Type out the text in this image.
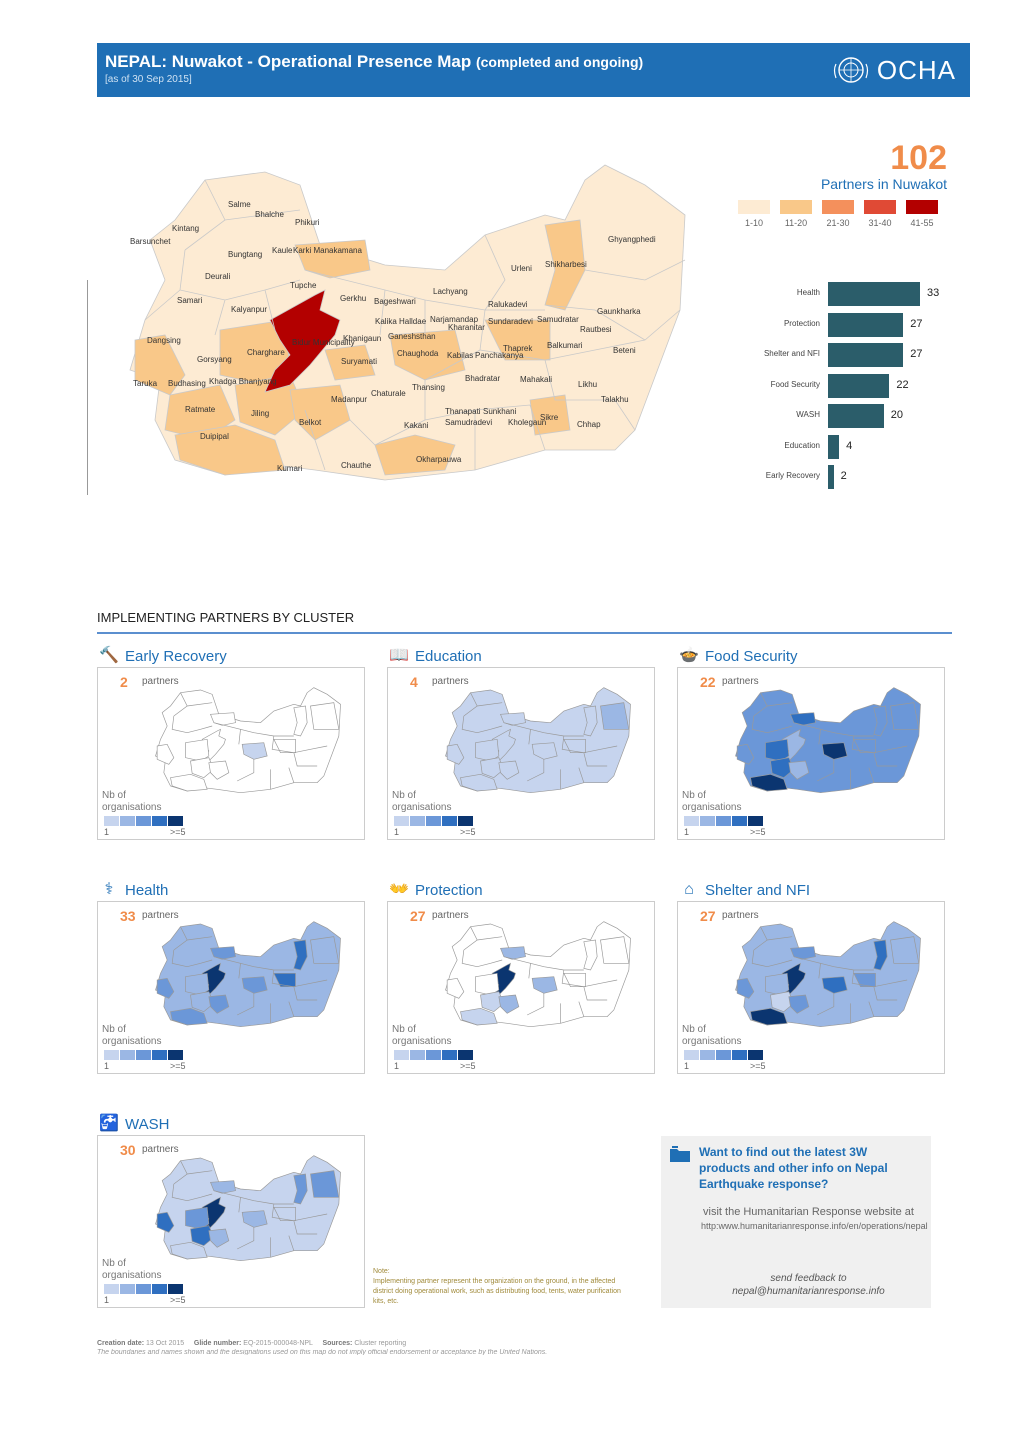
NEPAL: Nuwakot - Operational Presence Map (completed and ongoing)
[as of 30 Sep 2015]	OCHA
Salme
Bhalche
Kintang
Phikuri
Barsunchet	Ghyangphedi
Kaule Karki Manakamana
Bungtang
Shikharbesi
Urleni
Deurali
Tupche
Lachyang
Gerkhu
Samari	Bageshwari	Ralukadevi
Kalyanpur	Gaunkharka
Narjamandap
Kalika Halldae	Sundaradevi Samudratar
Kharanitar	Rautbesi
Ganeshsthan
Dangsing	Bidur Municipality
Khanigaun
Balkumari
Thaprek	Beteni
Charghare	Chaughoda Kabilas Panchakanya
Gorsyang	Suryamati
Bhadratar Mahakali
Taruka Budhasing Khadga Bhanjyang
Thansing	Likhu
Chaturale
Madanpur	Talakhu
Ratmate	Thanapati Sunkhani
Jiling	Sikre
Belkot	Kakani Samudradevi Kholegaun	Chhap
Duipipal
Okharpauwa
Chauthe
Kumari
102
Partners in Nuwakot
1-10	11-20	21-30	31-40	41-55
Health	33
Protection	27
Shelter and NFI	27
Food Security	22
WASH	20
Education 4
Early Recovery 2
IMPLEMENTING PARTNERS BY CLUSTER
🔨 Early Recovery
2 partners
Nb of
organisations
1	>=5
📖 Education
4 partners
Nb of
organisations
1	>=5
🍲 Food Security
22 partners
Nb of
organisations
1	>=5
⚕ Health
33 partners
Nb of
organisations
1	>=5
👐 Protection
27 partners
Nb of
organisations
1	>=5
⌂ Shelter and NFI
27 partners
Nb of
organisations
1	>=5
🚰 WASH
30 partners
Nb of
organisations
1	>=5
Want to find out the latest 3W products and other info on Nepal Earthquake response?
visit the Humanitarian Response website at
http:www.humanitarianresponse.info/en/operations/nepal
send feedback to
nepal@humanitarianresponse.info
Note:
Implementing partner represent the organization on the ground, in the affected district doing operational work, such as distributing food, tents, water purification kits, etc.
Creation date: 13 Oct 2015 Glide number: EQ-2015-000048-NPL Sources: Cluster reporting
The boundaries and names shown and the designations used on this map do not imply official endorsement or acceptance by the United Nations.
